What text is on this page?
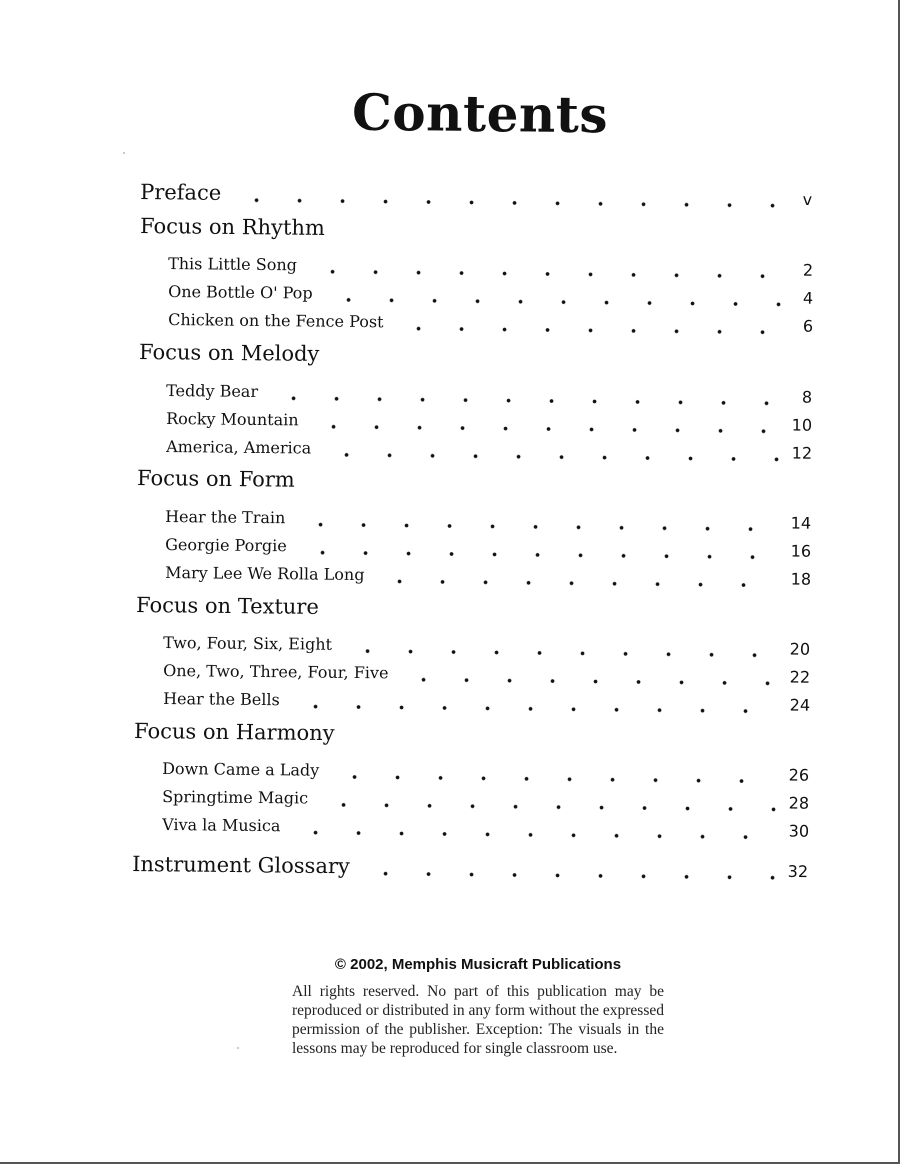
Contents
Preface	v
Focus on Rhythm
This Little Song	2
One Bottle O' Pop	4
Chicken on the Fence Post	6
Focus on Melody
Teddy Bear	8
Rocky Mountain	10
America, America	12
Focus on Form
Hear the Train	14
Georgie Porgie	16
Mary Lee We Rolla Long	18
Focus on Texture
Two, Four, Six, Eight	20
One, Two, Three, Four, Five	22
Hear the Bells	24
Focus on Harmony
Down Came a Lady	26
Springtime Magic	28
Viva la Musica	30
Instrument Glossary	32

© 2002, Memphis Musicraft Publications

All rights reserved. No part of this publication may be reproduced or distributed in any form without the expressed permission of the publisher. Exception: The visuals in the lessons may be reproduced for single classroom use.
